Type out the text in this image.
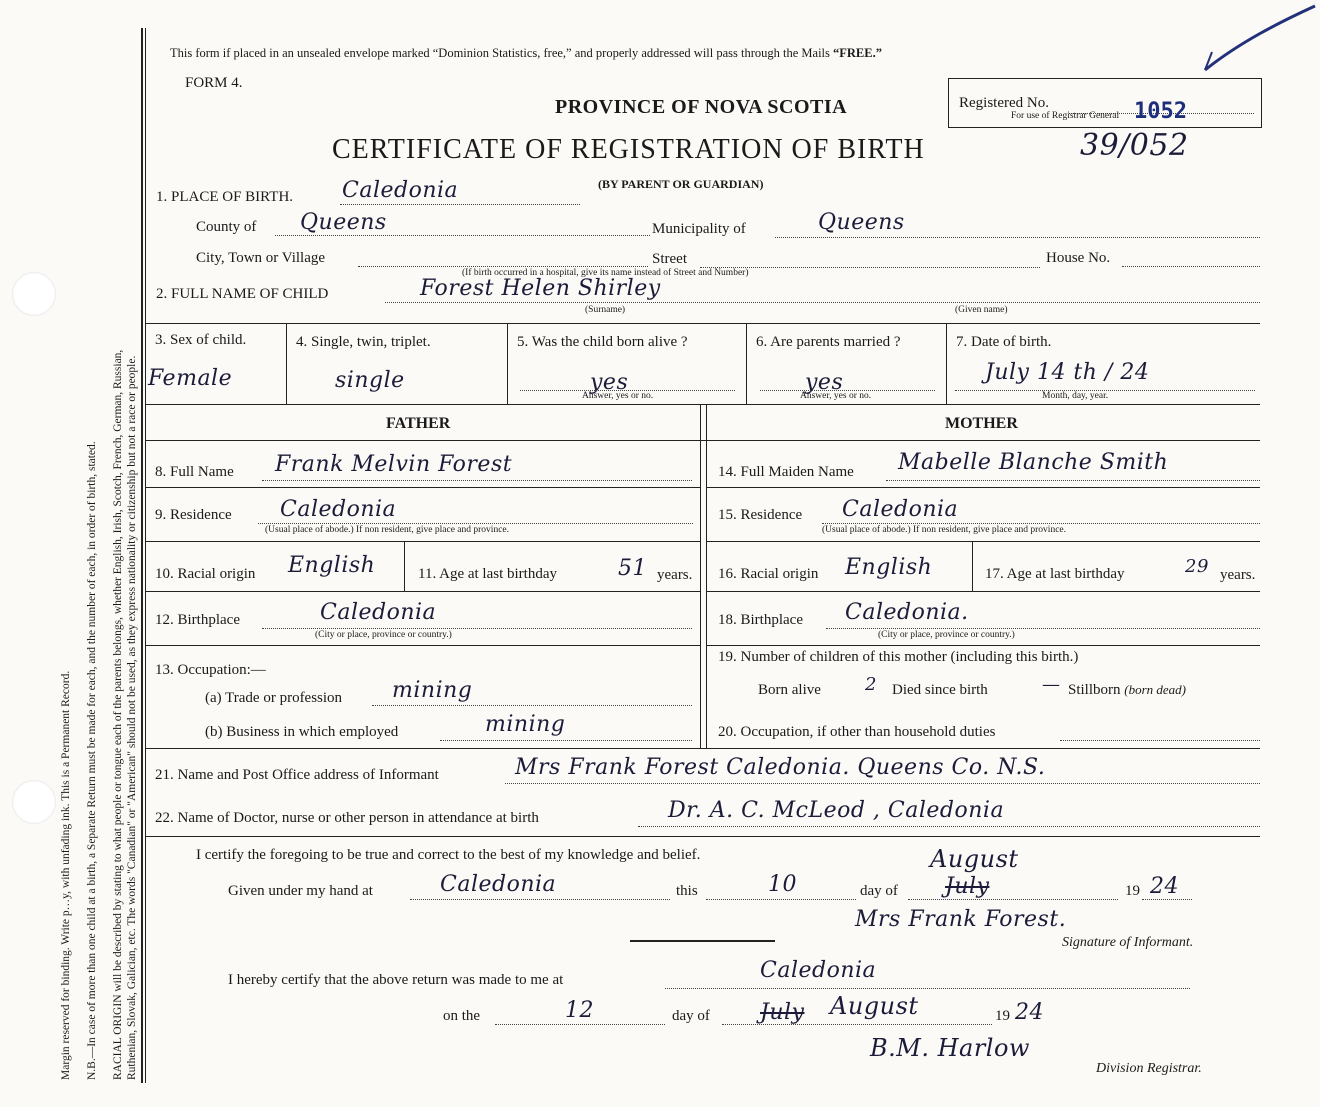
Margin reserved for binding. Write p…y, with unfading ink. This is a Permanent Record. N.B.—In case of more than one child at a birth, a Separate Return must be made for each, and the number of each, in order of birth, stated. RACIAL ORIGIN will be described by stating to what people or tongue each of the parents belongs, whether English, Irish, Scotch, French, German, Russian, Ruthenian, Slovak, Galician, etc. The words "Canadian" or "American" should not be used, as they express nationality or citizenship but not a race or people.
This form if placed in an unsealed envelope marked “Dominion Statistics, free,” and properly addressed will pass through the Mails “FREE.”
FORM 4.
PROVINCE OF NOVA SCOTIA	Registered No.
For use of Registrar General 1052
CERTIFICATE OF REGISTRATION OF BIRTH	39/052
(BY PARENT OR GUARDIAN)
1. PLACE OF BIRTH. Caledonia
County of Queens	Municipality of	Queens
City, Town or Village	Street	House No.
(If birth occurred in a hospital, give its name instead of Street and Number)
2. FULL NAME OF CHILD	Forest Helen Shirley
(Surname)	(Given name)
3. Sex of child.
Female
4. Single, twin, triplet.
single
5. Was the child born alive ?
yes
Answer, yes or no.
6. Are parents married ?
yes
Answer, yes or no.
7. Date of birth.
July 14 th / 24
Month, day, year.
FATHER	MOTHER
8. Full Name Frank Melvin Forest
9. Residence Caledonia
(Usual place of abode.) If non resident, give place and province.
10. Racial origin English	11. Age at last birthday	51 years.
12. Birthplace	Caledonia
(City or place, province or country.)
13. Occupation:—
(a) Trade or profession mining
(b) Business in which employed	mining
14. Full Maiden Name Mabelle Blanche Smith
15. Residence Caledonia
(Usual place of abode.) If non resident, give place and province.
16. Racial origin English	17. Age at last birthday	29 years.
18. Birthplace Caledonia.
(City or place, province or country.)
19. Number of children of this mother (including this birth.)
Born alive 2 Died since birth	— Stillborn (born dead)
20. Occupation, if other than household duties
21. Name and Post Office address of Informant	Mrs Frank Forest Caledonia. Queens Co. N.S.
22. Name of Doctor, nurse or other person in attendance at birth	Dr. A. C. McLeod , Caledonia
I certify the foregoing to be true and correct to the best of my knowledge and belief.
Given under my hand at	Caledonia	this	10	day of July
August
19 24
Mrs Frank Forest.
Signature of Informant.
I hereby certify that the above return was made to me at	Caledonia
on the	12	day of July August	19 24
B.M. Harlow
Division Registrar.
